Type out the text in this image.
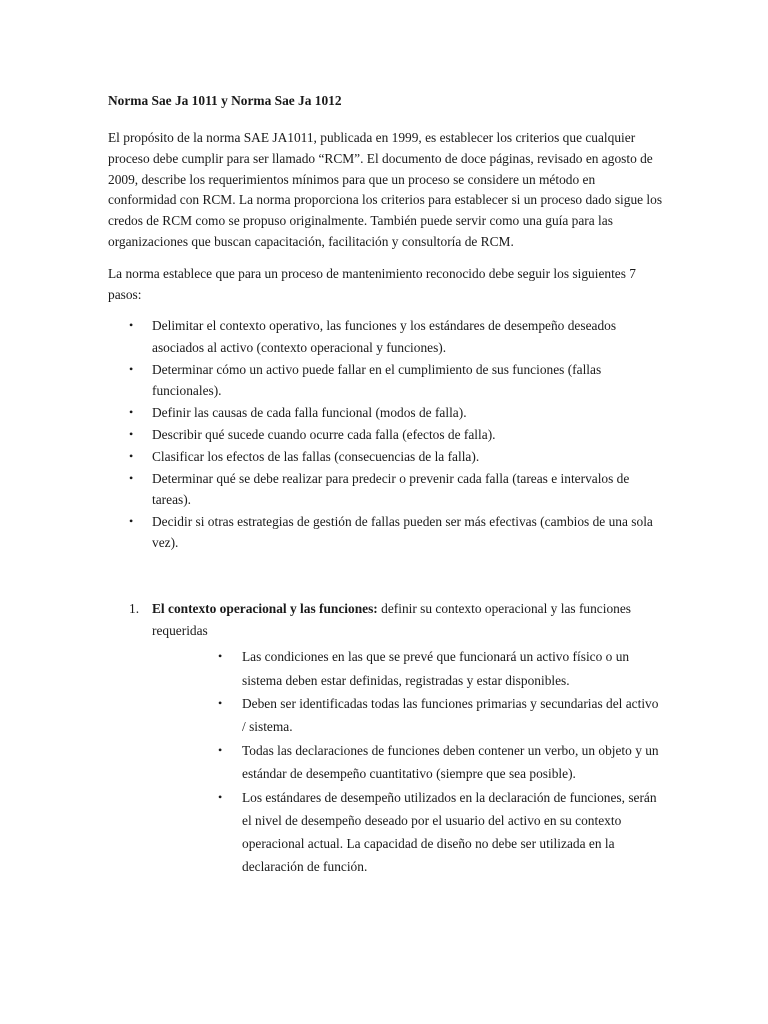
Norma Sae Ja 1011 y Norma Sae Ja 1012

El propósito de la norma SAE JA1011, publicada en 1999, es establecer los criterios que cualquier proceso debe cumplir para ser llamado “RCM”. El documento de doce páginas, revisado en agosto de 2009, describe los requerimientos mínimos para que un proceso se considere un método en conformidad con RCM. La norma proporciona los criterios para establecer si un proceso dado sigue los credos de RCM como se propuso originalmente. También puede servir como una guía para las organizaciones que buscan capacitación, facilitación y consultoría de RCM.

La norma establece que para un proceso de mantenimiento reconocido debe seguir los siguientes 7 pasos:

• Delimitar el contexto operativo, las funciones y los estándares de desempeño deseados asociados al activo (contexto operacional y funciones).
• Determinar cómo un activo puede fallar en el cumplimiento de sus funciones (fallas funcionales).
• Definir las causas de cada falla funcional (modos de falla).
• Describir qué sucede cuando ocurre cada falla (efectos de falla).
• Clasificar los efectos de las fallas (consecuencias de la falla).
• Determinar qué se debe realizar para predecir o prevenir cada falla (tareas e intervalos de tareas).
• Decidir si otras estrategias de gestión de fallas pueden ser más efectivas (cambios de una sola vez).
1. El contexto operacional y las funciones: definir su contexto operacional y las funciones requeridas
• Las condiciones en las que se prevé que funcionará un activo físico o un sistema deben estar definidas, registradas y estar disponibles.
• Deben ser identificadas todas las funciones primarias y secundarias del activo / sistema.
• Todas las declaraciones de funciones deben contener un verbo, un objeto y un estándar de desempeño cuantitativo (siempre que sea posible).
• Los estándares de desempeño utilizados en la declaración de funciones, serán el nivel de desempeño deseado por el usuario del activo en su contexto operacional actual. La capacidad de diseño no debe ser utilizada en la declaración de función.
